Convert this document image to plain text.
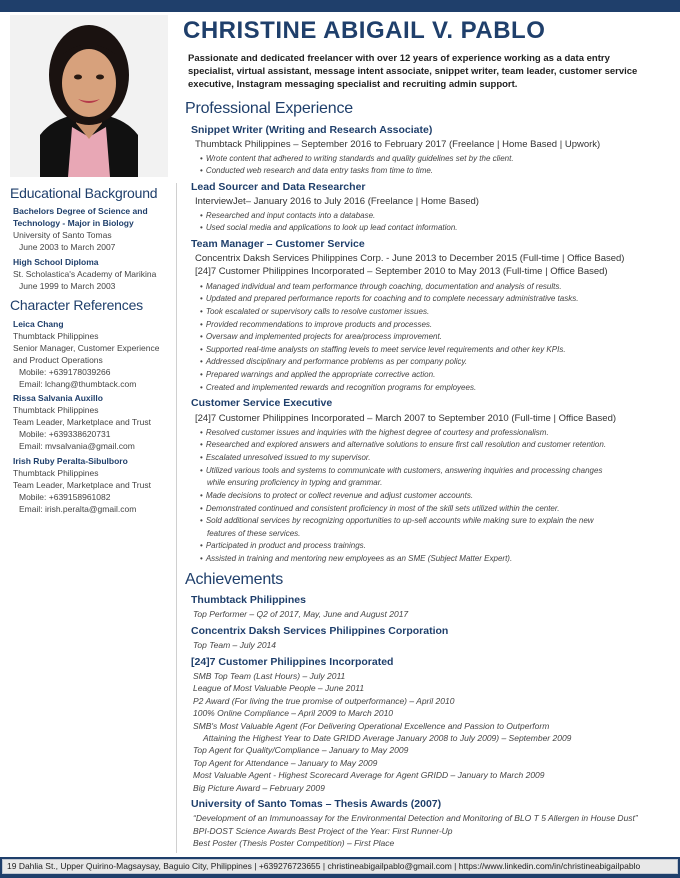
Educational Background
Bachelors Degree of Science and
Technology - Major in Biology
University of Santo Tomas
June 2003 to March 2007
High School Diploma
St. Scholastica's Academy of Marikina
June 1999 to March 2003
Character References
Leica Chang
Thumbtack Philippines
Senior Manager, Customer Experience
and Product Operations
Mobile: +639178039266
Email: lchang@thumbtack.com
Rissa Salvania Auxillo
Thumbtack Philippines
Team Leader, Marketplace and Trust
Mobile: +639338620731
Email: mvsalvania@gmail.com
Irish Ruby Peralta-Sibulboro
Thumbtack Philippines
Team Leader, Marketplace and Trust
Mobile: +639158961082
Email: irish.peralta@gmail.com
CHRISTINE ABIGAIL V. PABLO
Passionate and dedicated freelancer with over 12 years of experience working as a data entry specialist, virtual assistant, message intent associate, snippet writer, team leader, customer service executive, Instagram messaging specialist and recruiting admin support.
Professional Experience
Snippet Writer (Writing and Research Associate)
Thumbtack Philippines – September 2016 to February 2017 (Freelance | Home Based | Upwork)
• Wrote content that adhered to writing standards and quality guidelines set by the client.
• Conducted web research and data entry tasks from time to time.
Lead Sourcer and Data Researcher
InterviewJet– January 2016 to July 2016 (Freelance | Home Based)
• Researched and input contacts into a database.
• Used social media and applications to look up lead contact information.
Team Manager – Customer Service
Concentrix Daksh Services Philippines Corp. - June 2013 to December 2015 (Full-time | Office Based)
[24]7 Customer Philippines Incorporated – September 2010 to May 2013 (Full-time | Office Based)
• Managed individual and team performance through coaching, documentation and analysis of results.
• Updated and prepared performance reports for coaching and to complete necessary administrative tasks.
• Took escalated or supervisory calls to resolve customer issues.
• Provided recommendations to improve products and processes.
• Oversaw and implemented projects for area/process improvement.
• Supported real-time analysts on staffing levels to meet service level requirements and other key KPIs.
• Addressed disciplinary and performance problems as per company policy.
• Prepared warnings and applied the appropriate corrective action.
• Created and implemented rewards and recognition programs for employees.
Customer Service Executive
[24]7 Customer Philippines Incorporated – March 2007 to September 2010 (Full-time | Office Based)
• Resolved customer issues and inquiries with the highest degree of courtesy and professionalism.
• Researched and explored answers and alternative solutions to ensure first call resolution and customer retention.
• Escalated unresolved issued to my supervisor.
• Utilized various tools and systems to communicate with customers, answering inquiries and processing changes
while ensuring proficiency in typing and grammar.
• Made decisions to protect or collect revenue and adjust customer accounts.
• Demonstrated continued and consistent proficiency in most of the skill sets utilized within the center.
• Sold additional services by recognizing opportunities to up-sell accounts while making sure to explain the new
features of these services.
• Participated in product and process trainings.
• Assisted in training and mentoring new employees as an SME (Subject Matter Expert).
Achievements
Thumbtack Philippines
Top Performer – Q2 of 2017, May, June and August 2017
Concentrix Daksh Services Philippines Corporation
Top Team – July 2014
[24]7 Customer Philippines Incorporated
SMB Top Team (Last Hours) – July 2011
League of Most Valuable People – June 2011
P2 Award (For living the true promise of outperformance) – April 2010
100% Online Compliance – April 2009 to March 2010
SMB's Most Valuable Agent (For Delivering Operational Excellence and Passion to Outperform
Attaining the Highest Year to Date GRIDD Average January 2008 to July 2009) – September 2009
Top Agent for Quality/Compliance – January to May 2009
Top Agent for Attendance – January to May 2009
Most Valuable Agent - Highest Scorecard Average for Agent GRIDD – January to March 2009
Big Picture Award – February 2009
University of Santo Tomas – Thesis Awards (2007)
“Development of an Immunoassay for the Environmental Detection and Monitoring of BLO T 5 Allergen in House Dust”
BPI-DOST Science Awards Best Project of the Year: First Runner-Up
Best Poster (Thesis Poster Competition) – First Place
19 Dahlia St., Upper Quirino-Magsaysay, Baguio City, Philippines | +639276723655 | christineabigailpablo@gmail.com | https://www.linkedin.com/in/christineabigailpablo
